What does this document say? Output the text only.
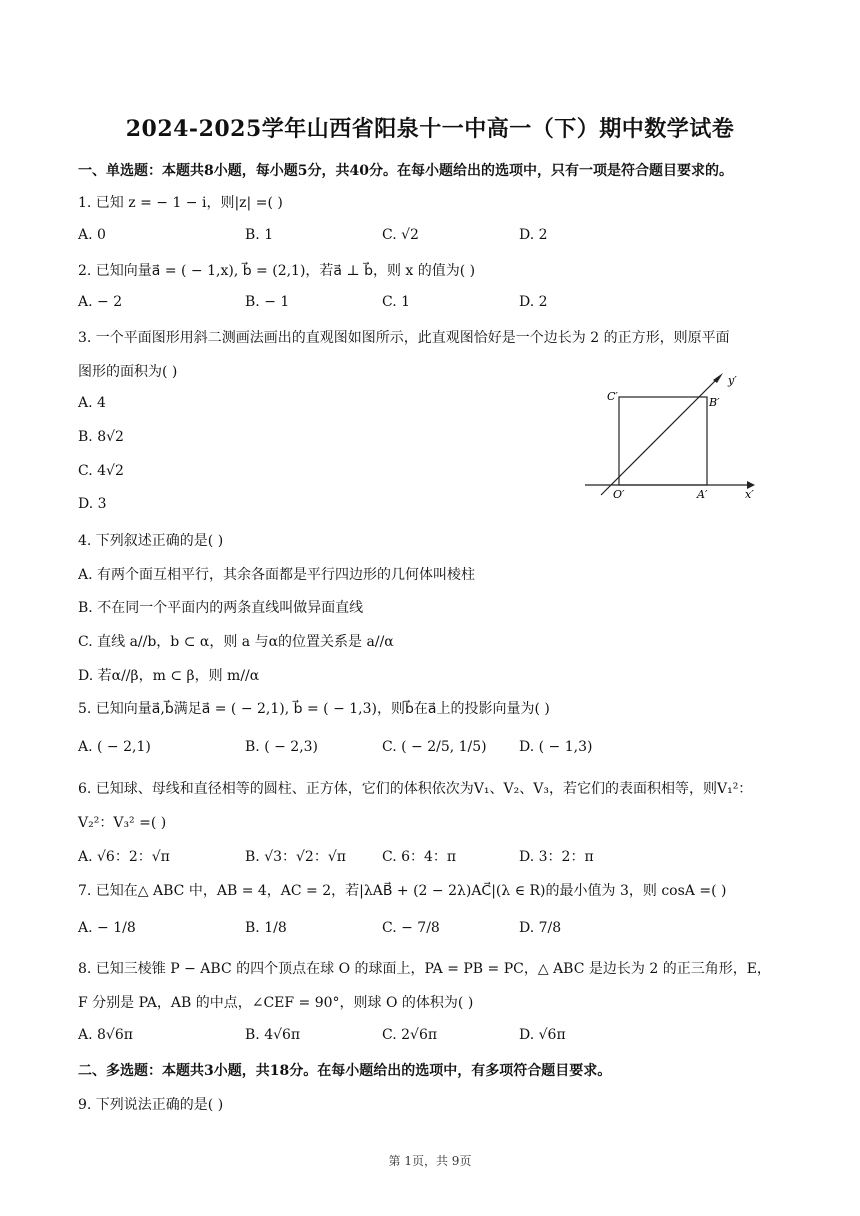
2024-2025学年山西省阳泉十一中高一（下）期中数学试卷
一、单选题：本题共8小题，每小题5分，共40分。在每小题给出的选项中，只有一项是符合题目要求的。
1. 已知 z = − 1 − i，则|z| =( )
A. 0	B. 1	C. √2	D. 2
2. 已知向量a⃗ = ( − 1,x), b⃗ = (2,1)，若a⃗ ⊥ b⃗，则 x 的值为( )
A. − 2	B. − 1	C. 1	D. 2
3. 一个平面图形用斜二测画法画出的直观图如图所示，此直观图恰好是一个边长为 2 的正方形，则原平面
图形的面积为( )
A. 4
B. 8√2
C. 4√2
D. 3
C′	B′
O′	A′	x′
y′
4. 下列叙述正确的是( )
A. 有两个面互相平行，其余各面都是平行四边形的几何体叫棱柱
B. 不在同一个平面内的两条直线叫做异面直线
C. 直线 a//b，b ⊂ α，则 a 与α的位置关系是 a//α
D. 若α//β，m ⊂ β，则 m//α
5. 已知向量a⃗,b⃗满足a⃗ = ( − 2,1), b⃗ = ( − 1,3)，则b⃗在a⃗上的投影向量为( )
A. ( − 2,1)	B. ( − 2,3)	C. ( − 2/5, 1/5) D. ( − 1,3)
6. 已知球、母线和直径相等的圆柱、正方体，它们的体积依次为V₁、V₂、V₃，若它们的表面积相等，则V₁²：
V₂²：V₃² =( )
A. √6：2：√π	B. √3：√2：√π	C. 6：4：π	D. 3：2：π
7. 已知在△ ABC 中，AB = 4，AC = 2，若|λAB⃗ + (2 − 2λ)AC⃗|(λ ∈ R)的最小值为 3，则 cosA =( )
A. − 1/8	B. 1/8	C. − 7/8	D. 7/8
8. 已知三棱锥 P − ABC 的四个顶点在球 O 的球面上，PA = PB = PC，△ ABC 是边长为 2 的正三角形，E，
F 分别是 PA，AB 的中点，∠CEF = 90°，则球 O 的体积为( )
A. 8√6π	B. 4√6π	C. 2√6π	D. √6π
二、多选题：本题共3小题，共18分。在每小题给出的选项中，有多项符合题目要求。
9. 下列说法正确的是( )
第 1页，共 9页
